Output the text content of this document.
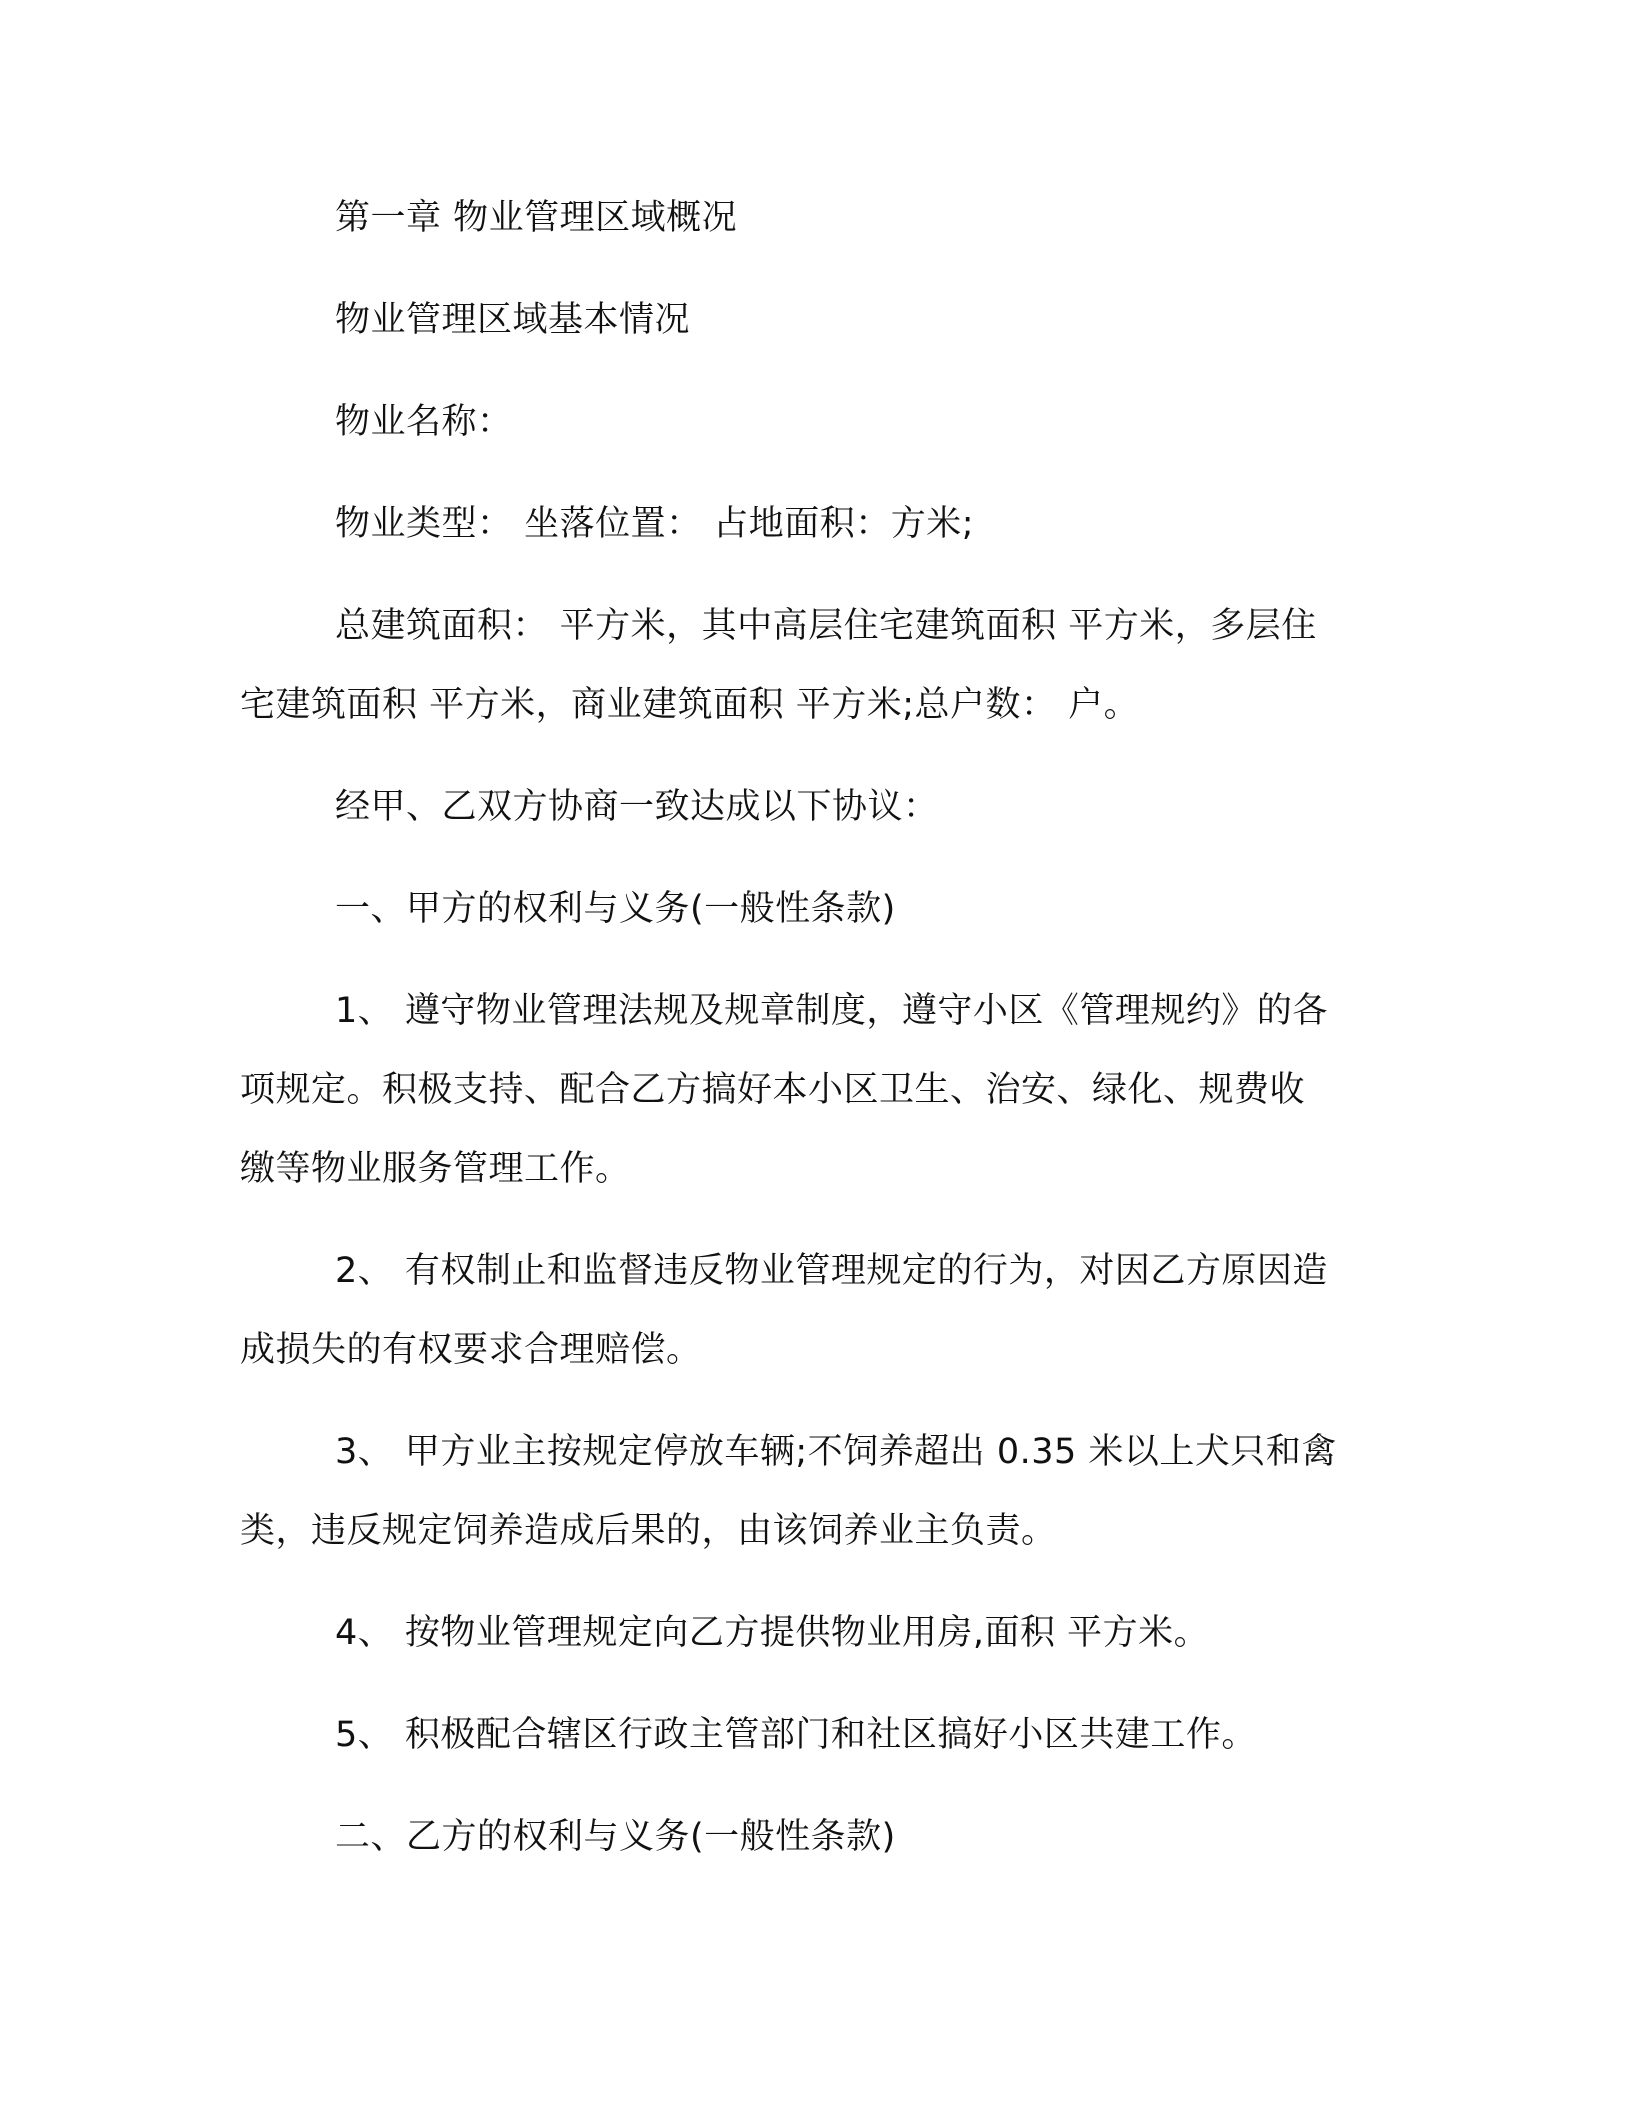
第一章 物业管理区域概况
物业管理区域基本情况
物业名称：
物业类型： 坐落位置： 占地面积：方米;
总建筑面积： 平方米，其中高层住宅建筑面积 平方米，多层住
宅建筑面积 平方米，商业建筑面积 平方米;总户数： 户。
经甲、乙双方协商一致达成以下协议：
一、甲方的权利与义务(一般性条款)
1、 遵守物业管理法规及规章制度，遵守小区《管理规约》的各
项规定。积极支持、配合乙方搞好本小区卫生、治安、绿化、规费收
缴等物业服务管理工作。
2、 有权制止和监督违反物业管理规定的行为，对因乙方原因造
成损失的有权要求合理赔偿。
3、 甲方业主按规定停放车辆;不饲养超出 0.35 米以上犬只和禽
类，违反规定饲养造成后果的，由该饲养业主负责。
4、 按物业管理规定向乙方提供物业用房,面积 平方米。
5、 积极配合辖区行政主管部门和社区搞好小区共建工作。
二、乙方的权利与义务(一般性条款)
